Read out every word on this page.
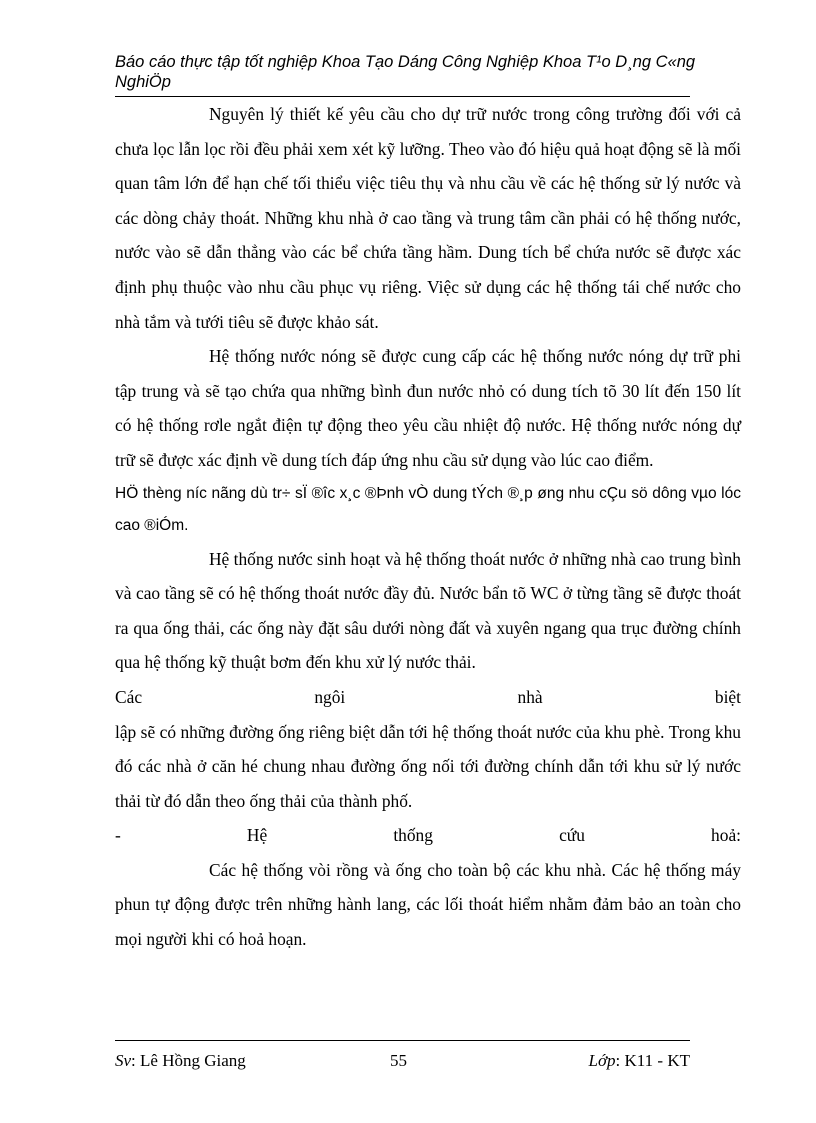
Báo cáo thực tập tốt nghiệp Khoa Tạo Dáng Công Nghiệp Khoa T¹o D¸ng C«ng NghiÖp

Nguyên lý thiết kế yêu cầu cho dự trữ nước trong công trường đối với cả chưa lọc lẫn lọc rồi đều phải xem xét kỹ lưỡng. Theo vào đó hiệu quả hoạt động sẽ là mối quan tâm lớn để hạn chế tối thiểu việc tiêu thụ và nhu cầu về các hệ thống sử lý nước và các dòng chảy thoát. Những khu nhà ở cao tầng và trung tâm cần phải có hệ thống nước, nước vào sẽ dẫn thẳng vào các bể chứa tầng hầm. Dung tích bể chứa nước sẽ được xác định phụ thuộc vào nhu cầu phục vụ riêng. Việc sử dụng các hệ thống tái chế nước cho nhà tắm và tưới tiêu sẽ được khảo sát.

Hệ thống nước nóng sẽ được cung cấp các hệ thống nước nóng dự trữ phi tập trung và sẽ tạo chứa qua những bình đun nước nhỏ có dung tích tõ 30 lít đến 150 lít có hệ thống rơle ngắt điện tự động theo yêu cầu nhiệt độ nước. Hệ thống nước nóng dự trữ sẽ được xác định về dung tích đáp ứng nhu cầu sử dụng vào lúc cao điểm.

HÖ thèng níc nãng dù tr÷ sÏ ®îc x¸c ®Þnh vÒ dung tÝch ®¸p øng nhu cÇu sö dông vµo lóc cao ®iÓm.

Hệ thống nước sinh hoạt và hệ thống thoát nước ở những nhà cao trung bình và cao tầng sẽ có hệ thống thoát nước đầy đủ. Nước bẩn tõ WC ở từng tầng sẽ được thoát ra qua ống thải, các ống này đặt sâu dưới nòng đất và xuyên ngang qua trục đường chính qua hệ thống kỹ thuật bơm đến khu xử lý nước thải.

Các	ngôi	nhà	biệt

lập sẽ có những đường ống riêng biệt dẫn tới hệ thống thoát nước của khu phè. Trong khu đó các nhà ở căn hé chung nhau đường ống nối tới đường chính dẫn tới khu sử lý nước thải từ đó dẫn theo ống thải của thành phố.

-	Hệ	thống	cứu	hoả:

Các hệ thống vòi rồng và ống cho toàn bộ các khu nhà. Các hệ thống máy phun tự động được trên những hành lang, các lối thoát hiểm nhằm đảm bảo an toàn cho mọi người khi có hoả hoạn.

Sv: Lê Hồng Giang	55	Lớp: K11 - KT
